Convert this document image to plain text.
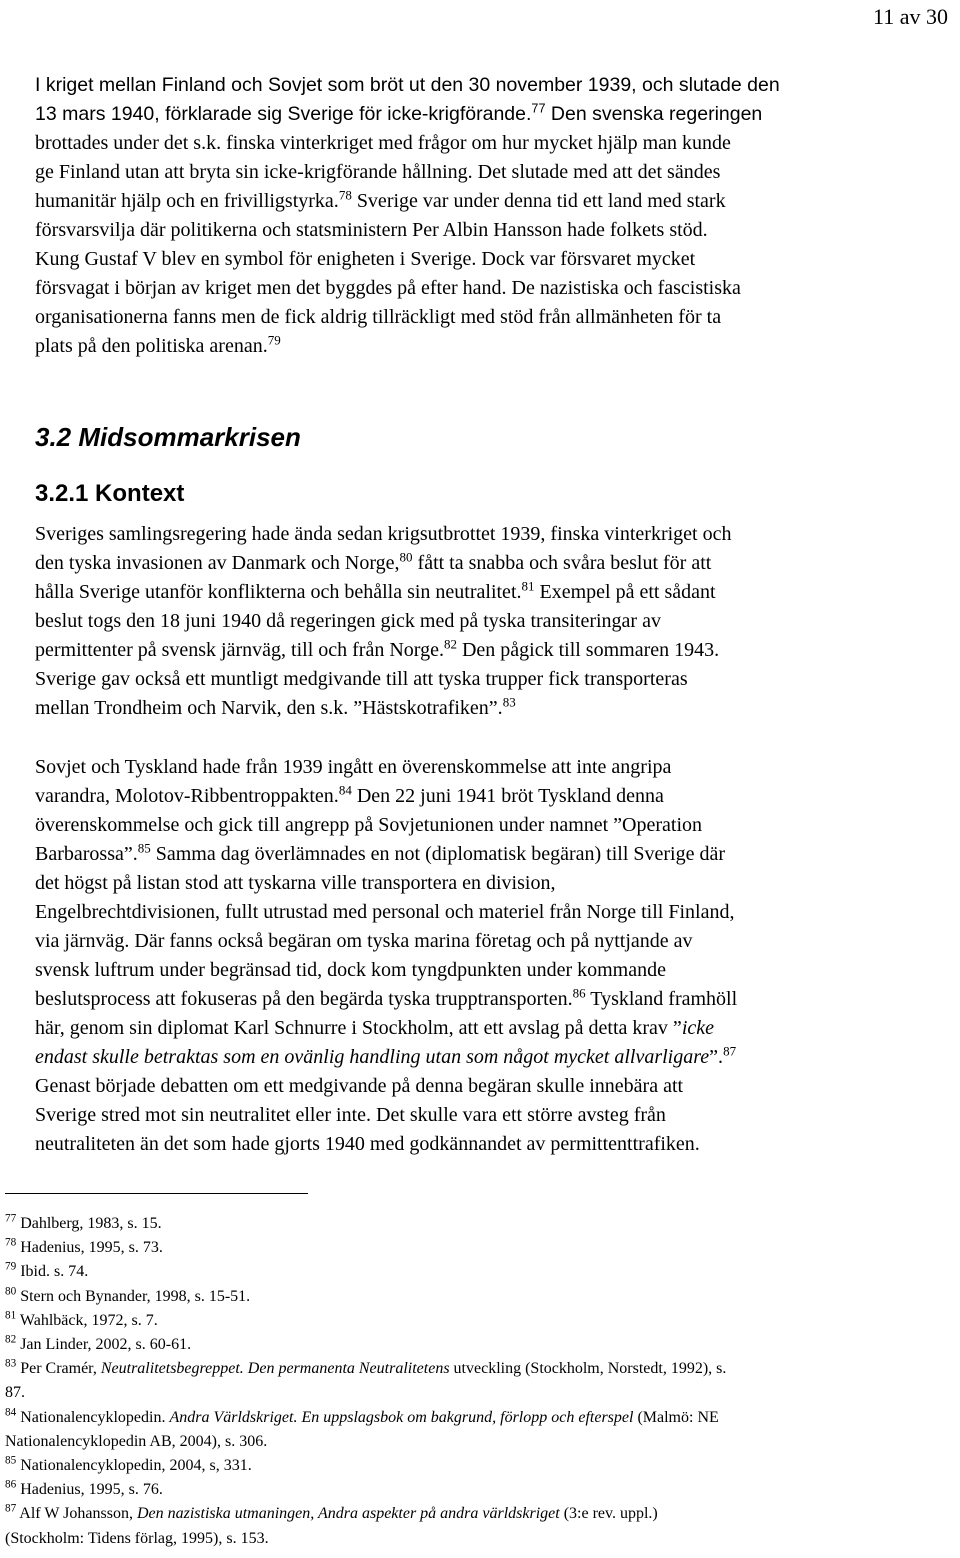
11 av 30
I kriget mellan Finland och Sovjet som bröt ut den 30 november 1939, och slutade den
13 mars 1940, förklarade sig Sverige för icke-krigförande.$^{77}$ Den svenska regeringen
brottades under det s.k. finska vinterkriget med frågor om hur mycket hjälp man kunde
ge Finland utan att bryta sin icke-krigförande hållning. Det slutade med att det sändes
humanitär hjälp och en frivilligstyrka.$^{78}$ Sverige var under denna tid ett land med stark
försvarsvilja där politikerna och statsministern Per Albin Hansson hade folkets stöd.
Kung Gustaf V blev en symbol för enigheten i Sverige. Dock var försvaret mycket
försvagat i början av kriget men det byggdes på efter hand. De nazistiska och fascistiska
organisationerna fanns men de fick aldrig tillräckligt med stöd från allmänheten för ta
plats på den politiska arenan.$^{79}$
3.2 Midsommarkrisen
3.2.1 Kontext
Sveriges samlingsregering hade ända sedan krigsutbrottet 1939, finska vinterkriget och
den tyska invasionen av Danmark och Norge,$^{80}$ fått ta snabba och svåra beslut för att
hålla Sverige utanför konflikterna och behålla sin neutralitet.$^{81}$ Exempel på ett sådant
beslut togs den 18 juni 1940 då regeringen gick med på tyska transiteringar av
permittenter på svensk järnväg, till och från Norge.$^{82}$ Den pågick till sommaren 1943.
Sverige gav också ett muntligt medgivande till att tyska trupper fick transporteras
mellan Trondheim och Narvik, den s.k. ”Hästskotrafiken”.$^{83}$
Sovjet och Tyskland hade från 1939 ingått en överenskommelse att inte angripa
varandra, Molotov-Ribbentroppakten.$^{84}$ Den 22 juni 1941 bröt Tyskland denna
överenskommelse och gick till angrepp på Sovjetunionen under namnet ”Operation
Barbarossa”.$^{85}$ Samma dag överlämnades en not (diplomatisk begäran) till Sverige där
det högst på listan stod att tyskarna ville transportera en division,
Engelbrechtdivisionen, fullt utrustad med personal och materiel från Norge till Finland,
via järnväg. Där fanns också begäran om tyska marina företag och på nyttjande av
svensk luftrum under begränsad tid, dock kom tyngdpunkten under kommande
beslutsprocess att fokuseras på den begärda tyska trupptransporten.$^{86}$ Tyskland framhöll
här, genom sin diplomat Karl Schnurre i Stockholm, att ett avslag på detta krav ”icke
endast skulle betraktas som en ovänlig handling utan som något mycket allvarligare”.$^{87}$
Genast började debatten om ett medgivande på denna begäran skulle innebära att
Sverige stred mot sin neutralitet eller inte. Det skulle vara ett större avsteg från
neutraliteten än det som hade gjorts 1940 med godkännandet av permittenttrafiken.
$^{77}$ Dahlberg, 1983, s. 15.
$^{78}$ Hadenius, 1995, s. 73.
$^{79}$ Ibid. s. 74.
$^{80}$ Stern och Bynander, 1998, s. 15-51.
$^{81}$ Wahlbäck, 1972, s. 7.
$^{82}$ Jan Linder, 2002, s. 60-61.
$^{83}$ Per Cramér, Neutralitetsbegreppet. Den permanenta Neutralitetens utveckling (Stockholm, Norstedt, 1992), s.
87.
$^{84}$ Nationalencyklopedin. Andra Världskriget. En uppslagsbok om bakgrund, förlopp och efterspel (Malmö: NE
Nationalencyklopedin AB, 2004), s. 306.
$^{85}$ Nationalencyklopedin, 2004, s, 331.
$^{86}$ Hadenius, 1995, s. 76.
$^{87}$ Alf W Johansson, Den nazistiska utmaningen, Andra aspekter på andra världskriget (3:e rev. uppl.)
(Stockholm: Tidens förlag, 1995), s. 153.
